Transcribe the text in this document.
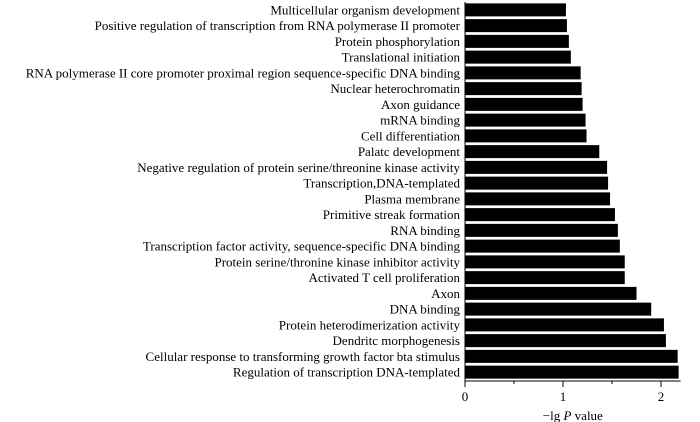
Multicellular organism development
Positive regulation of transcription from RNA polymerase II promoter
Protein phosphorylation
Translational initiation
RNA polymerase II core promoter proximal region sequence-specific DNA binding
Nuclear heterochromatin
Axon guidance
mRNA binding
Cell differentiation
Palatc development
Negative regulation of protein serine/threonine kinase activity
Transcription,DNA-templated
Plasma membrane
Primitive streak formation
RNA binding
Transcription factor activity, sequence-specific DNA binding
Protein serine/thronine kinase inhibitor activity
Activated T cell proliferation
Axon
DNA binding
Protein heterodimerization activity
Dendritc morphogenesis
Cellular response to transforming growth factor bta stimulus
Regulation of transcription DNA-templated
0	1	2
−lg P value
